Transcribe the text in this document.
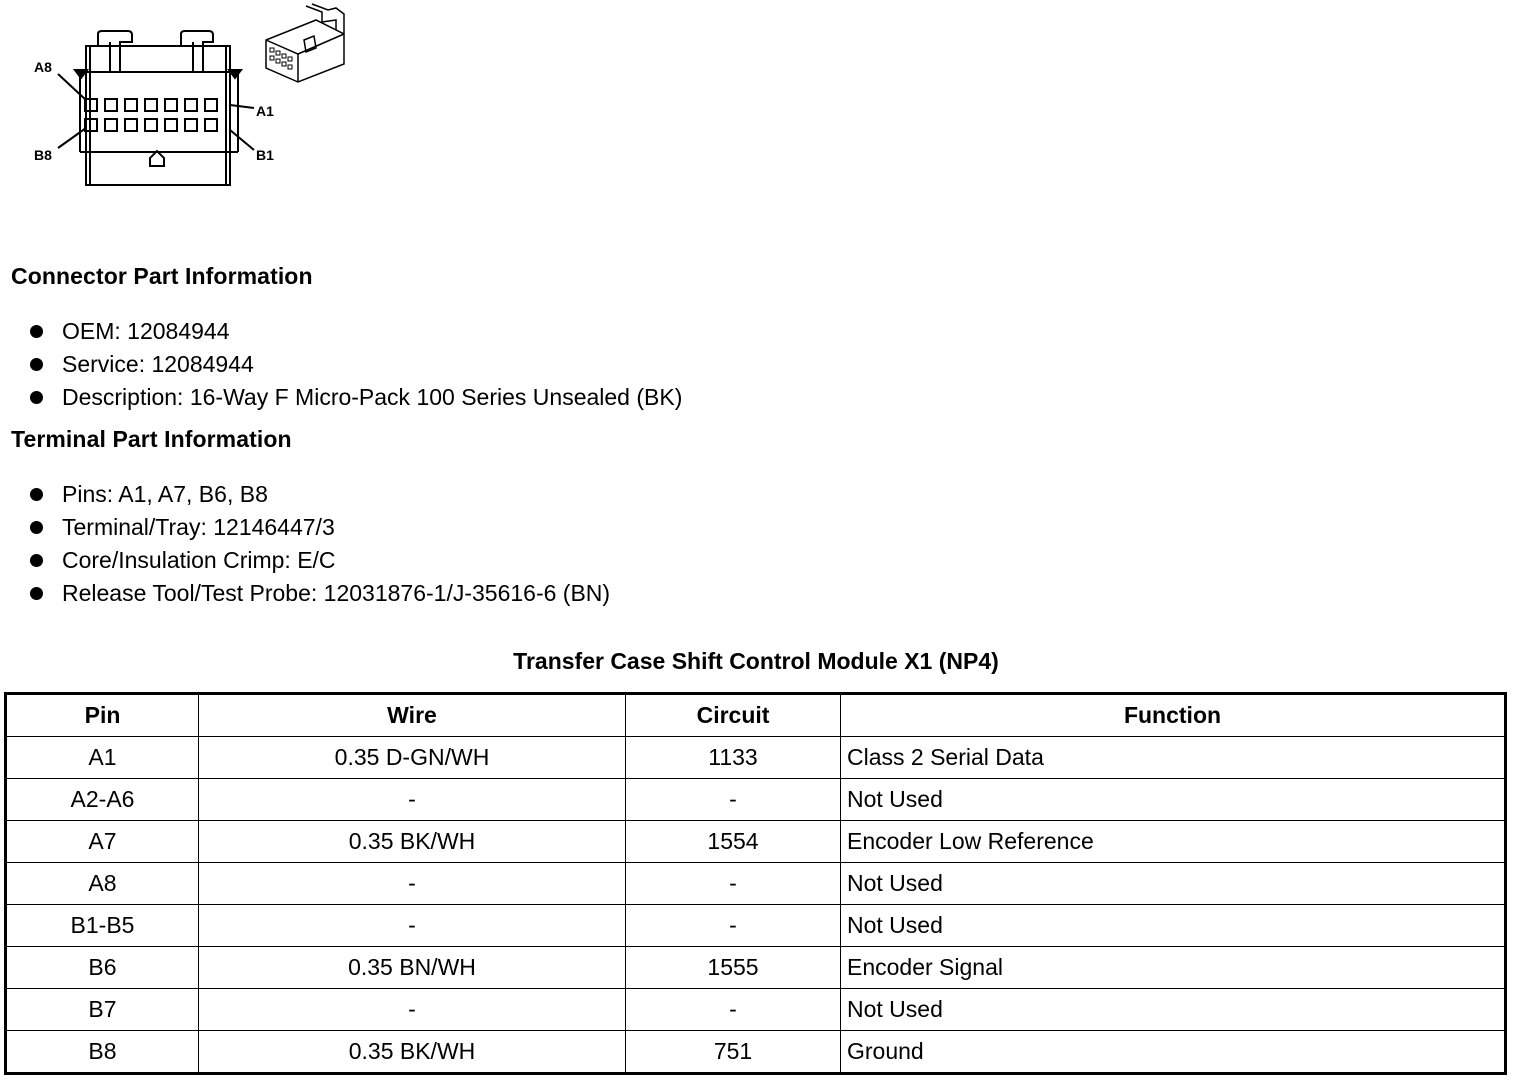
A8
A1
B8	B1
Connector Part Information
OEM: 12084944
Service: 12084944
Description: 16-Way F Micro-Pack 100 Series Unsealed (BK)
Terminal Part Information
Pins: A1, A7, B6, B8
Terminal/Tray: 12146447/3
Core/Insulation Crimp: E/C
Release Tool/Test Probe: 12031876-1/J-35616-6 (BN)
Transfer Case Shift Control Module X1 (NP4)
Pin	Wire	Circuit	Function
A1	0.35 D-GN/WH	1133	Class 2 Serial Data
A2-A6	-	-	Not Used
A7	0.35 BK/WH	1554	Encoder Low Reference
A8	-	-	Not Used
B1-B5	-	-	Not Used
B6	0.35 BN/WH	1555	Encoder Signal
B7	-	-	Not Used
B8	0.35 BK/WH	751	Ground
